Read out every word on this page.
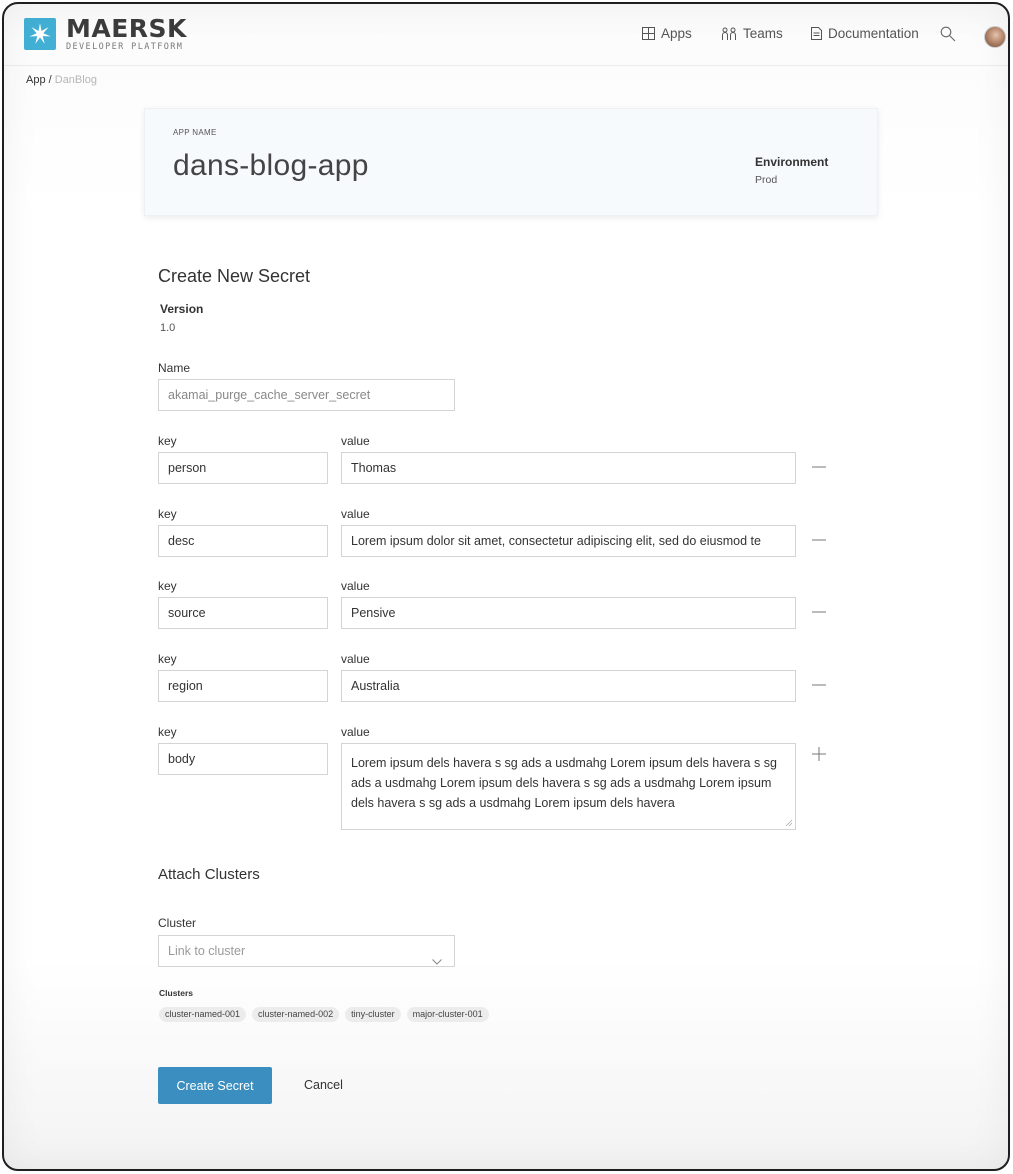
MAERSK
DEVELOPER PLATFORM
Apps	Teams	Documentation
App / DanBlog
APP NAME
dans-blog-app	Environment
Prod
Create New Secret
Version
1.0
Name
akamai_purge_cache_server_secret
key	value
person	Thomas
key	value
desc	Lorem ipsum dolor sit amet, consectetur adipiscing elit, sed do eiusmod te
key	value
source	Pensive
key	value
region	Australia
key	value
body	Lorem ipsum dels havera s sg ads a usdmahg Lorem ipsum dels havera s sg ads a usdmahg Lorem ipsum dels havera s sg ads a usdmahg Lorem ipsum dels havera s sg ads a usdmahg Lorem ipsum dels havera
Attach Clusters
Cluster
Link to cluster
Clusters
cluster-named-001	cluster-named-002	tiny-cluster	major-cluster-001
Create Secret	Cancel
